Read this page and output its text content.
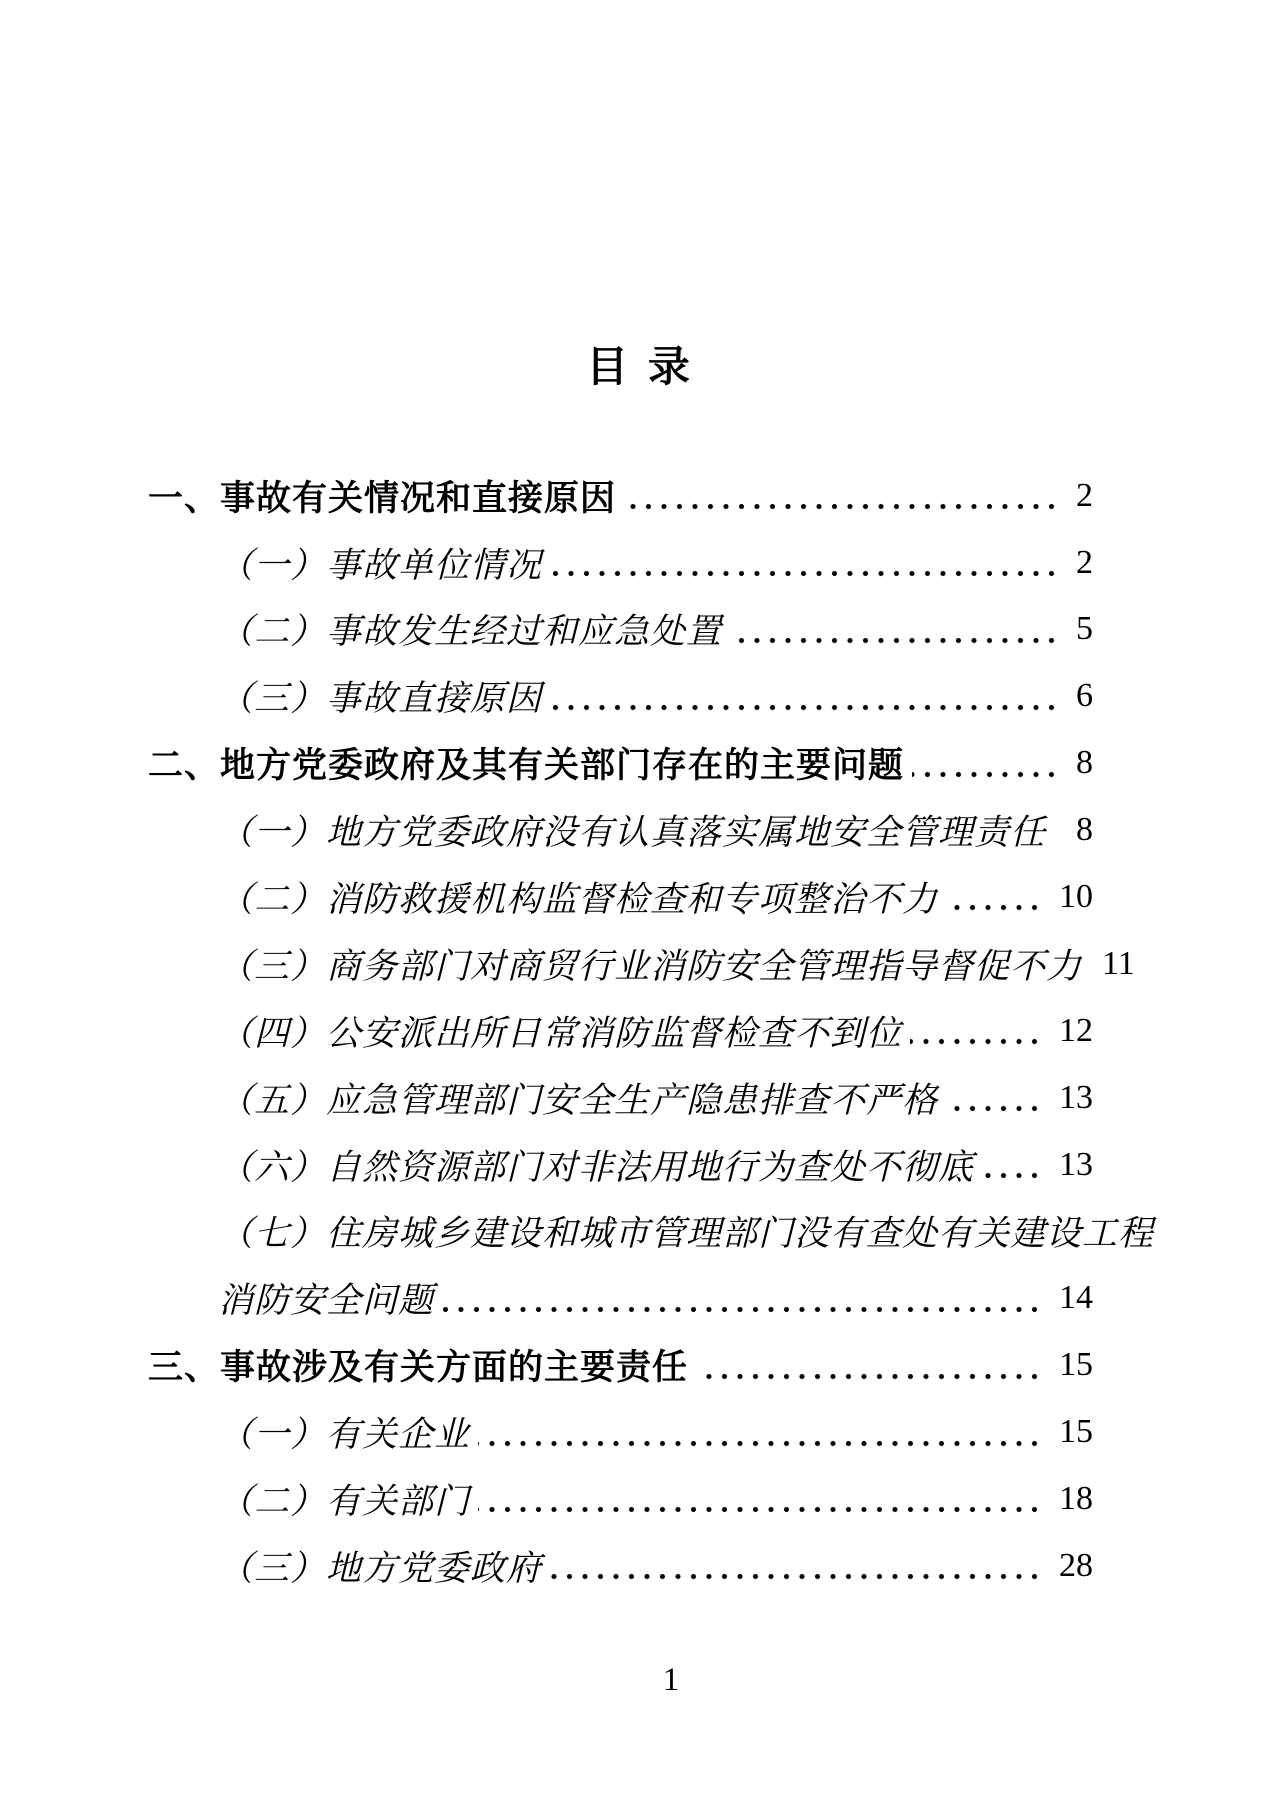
目 录
一、事故有关情况和直接原因	2
（一）事故单位情况	2
（二）事故发生经过和应急处置	5
（三）事故直接原因	6
二、地方党委政府及其有关部门存在的主要问题	8
（一）地方党委政府没有认真落实属地安全管理责任 8
（二）消防救援机构监督检查和专项整治不力	10
（三）商务部门对商贸行业消防安全管理指导督促不力 11
（四）公安派出所日常消防监督检查不到位	12
（五）应急管理部门安全生产隐患排查不严格	13
（六）自然资源部门对非法用地行为查处不彻底 13
（七）住房城乡建设和城市管理部门没有查处有关建设工程
消防安全问题	14
三、事故涉及有关方面的主要责任	15
（一）有关企业	15
（二）有关部门	18
（三）地方党委政府	28
1
